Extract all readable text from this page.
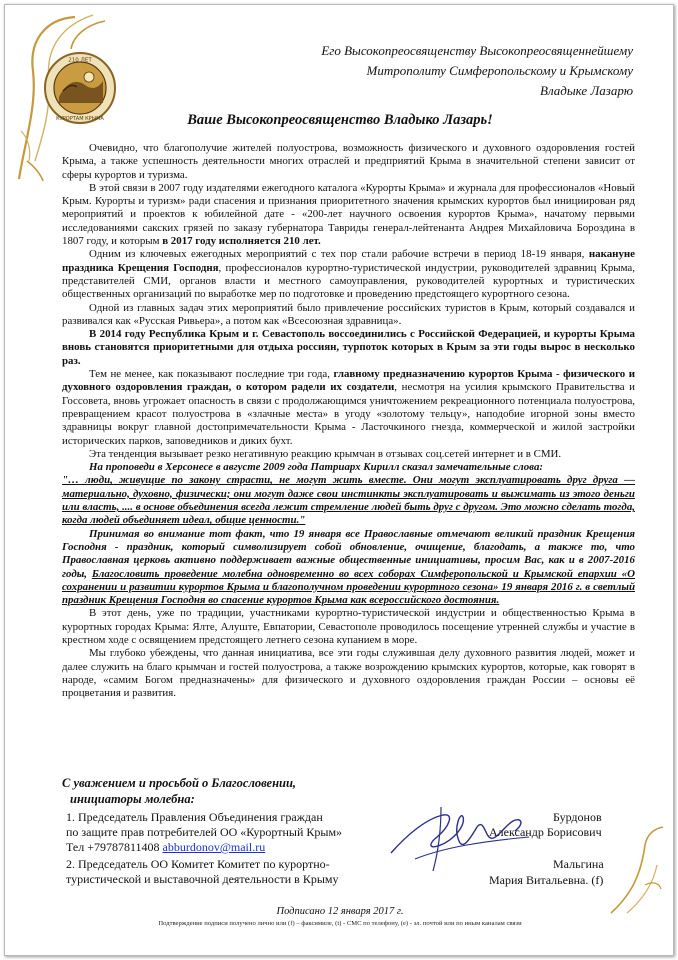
210 ЛЕТ
КУРОРТАМ КРЫМА
Его Высокопреосвященству Высокопреосвященнейшему
Митрополиту Симферопольскому и Крымскому
Владыке Лазарю
Ваше Высокопреосвященство Владыко Лазарь!

Очевидно, что благополучие жителей полуострова, возможность физического и духовного оздоровления гостей Крыма, а также успешность деятельности многих отраслей и предприятий Крыма в значительной степени зависит от сферы курортов и туризма.

В этой связи в 2007 году издателями ежегодного каталога «Курорты Крыма» и журнала для профессионалов «Новый Крым. Курорты и туризм» ради спасения и признания приоритетного значения крымских курортов был инициирован ряд мероприятий и проектов к юбилейной дате - «200-лет научного освоения курортов Крыма», начатому первыми исследованиями сакских грязей по заказу губернатора Тавриды генерал-лейтенанта Андрея Михайловича Бороздина в 1807 году, и которым в 2017 году исполняется 210 лет.

Одним из ключевых ежегодных мероприятий с тех пор стали рабочие встречи в период 18-19 января, накануне праздника Крещения Господня, профессионалов курортно-туристической индустрии, руководителей здравниц Крыма, представителей СМИ, органов власти и местного самоуправления, руководителей курортных и туристических общественных организаций по выработке мер по подготовке и проведению предстоящего курортного сезона.

Одной из главных задач этих мероприятий было привлечение российских туристов в Крым, который создавался и развивался как «Русская Ривьера», а потом как «Всесоюзная здравница».

В 2014 году Республика Крым и г. Севастополь воссоединились с Российской Федерацией, и курорты Крыма вновь становятся приоритетными для отдыха россиян, турпоток которых в Крым за эти годы вырос в несколько раз.

Тем не менее, как показывают последние три года, главному предназначению курортов Крыма - физического и духовного оздоровления граждан, о котором радели их создатели, несмотря на усилия крымского Правительства и Госсовета, вновь угрожает опасность в связи с продолжающимся уничтожением рекреационного потенциала полуострова, превращением красот полуострова в «злачные места» в угоду «золотому тельцу», наподобие игорной зоны вместо здравницы вокруг главной достопримечательности Крыма - Ласточкиного гнезда, коммерческой и жилой застройки исторических парков, заповедников и диких бухт.

Эта тенденция вызывает резко негативную реакцию крымчан в отзывах соц.сетей интернет и в СМИ.

На проповеди в Херсонесе в августе 2009 года Патриарх Кирилл сказал замечательные слова:

"… люди, живущие по закону страсти, не могут жить вместе. Они могут эксплуатировать друг друга — материально, духовно, физически; они могут даже свои инстинкты эксплуатировать и выжимать из этого деньги или власть, .... в основе объединения всегда лежит стремление людей быть друг с другом. Это можно сделать тогда, когда людей объединяет идеал, общие ценности."

Принимая во внимание тот факт, что 19 января все Православные отмечают великий праздник Крещения Господня - праздник, который символизирует собой обновление, очищение, благодать, а также то, что Православная церковь активно поддерживает важные общественные инициативы, просим Вас, как и в 2007-2016 годы, Благословить проведение молебна одновременно во всех соборах Симферопольской и Крымской епархии «О сохранении и развитии курортов Крыма и благополучном проведении курортного сезона» 19 января 2016 г. в светлый праздник Крещения Господня во спасение курортов Крыма как всероссийского достояния.

В этот день, уже по традиции, участниками курортно-туристической индустрии и общественностью Крыма в курортных городах Крыма: Ялте, Алуште, Евпатории, Севастополе проводилось посещение утренней службы и участие в крестном ходе с освящением предстоящего летнего сезона купанием в море.

Мы глубоко убеждены, что данная инициатива, все эти годы служившая делу духовного развития людей, может и далее служить на благо крымчан и гостей полуострова, а также возрождению крымских курортов, которые, как говорят в народе, «самим Богом предназначены» для физического и духовного оздоровления граждан России – основы её процветания и развития.

С уважением и просьбой о Благословении,
инициаторы молебна:
1. Председатель Правления Объединения граждан
по защите прав потребителей ОО «Курортный Крым»
Тел +79787811408 abburdonov@mail.ru
Бурдонов
Александр Борисович
2. Председатель ОО Комитет Комитет по курортно-
туристической и выставочной деятельности в Крыму
Мальгина
Мария Витальевна. (f)
Подписано 12 января 2017 г.
Подтверждение подписи получено лично или (f) – факсимиле, (t) - СМС по телефону, (e) - эл. почтой или по иным каналам связи
